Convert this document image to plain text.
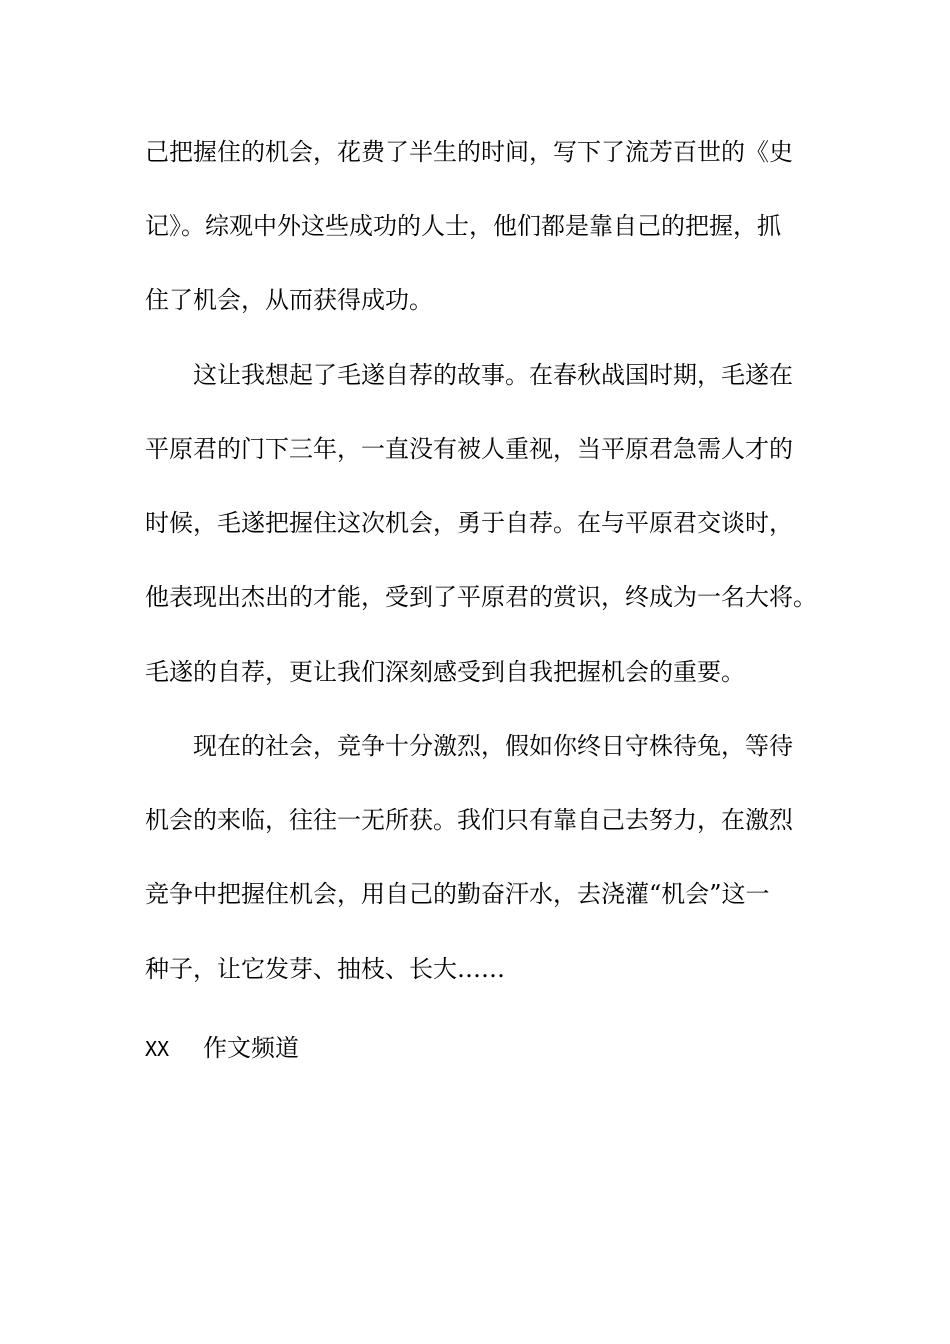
己把握住的机会，花费了半生的时间，写下了流芳百世的《史
记》。综观中外这些成功的人士，他们都是靠自己的把握，抓
住了机会，从而获得成功。
这让我想起了毛遂自荐的故事。在春秋战国时期，毛遂在
平原君的门下三年，一直没有被人重视，当平原君急需人才的
时候，毛遂把握住这次机会，勇于自荐。在与平原君交谈时，
他表现出杰出的才能，受到了平原君的赏识，终成为一名大将。
毛遂的自荐，更让我们深刻感受到自我把握机会的重要。
现在的社会，竞争十分激烈，假如你终日守株待兔，等待
机会的来临，往往一无所获。我们只有靠自己去努力，在激烈
竞争中把握住机会，用自己的勤奋汗水，去浇灌“机会”这一
种子，让它发芽、抽枝、长大……
XX 作文频道
